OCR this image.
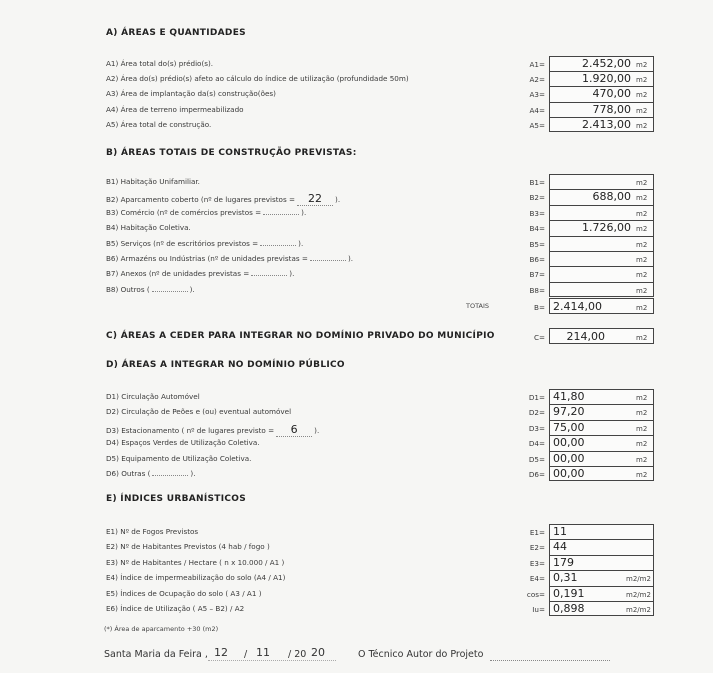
A) ÁREAS E QUANTIDADES
A1) Área total do(s) prédio(s).	A1=	2.452,00 m2
A2) Área do(s) prédio(s) afeto ao cálculo do índice de utilização (profundidade 50m)	A2=	1.920,00 m2
A3) Área de implantação da(s) construção(ões)	A3=	470,00 m2
A4) Área de terreno impermeabilizado	A4=	778,00 m2
A5) Área total de construção.	A5=	2.413,00 m2
B) ÁREAS TOTAIS DE CONSTRUÇÃO PREVISTAS:
B1) Habitação Unifamiliar.	B1=	m2
B2) Aparcamento coberto (nº de lugares previstos = 22 ).	B2=	688,00 m2
B3) Comércio (nº de comércios previstos =	).	B3=	m2
B4) Habitação Coletiva.	B4=	1.726,00 m2
B5) Serviços (nº de escritórios previstos =	).	B5=	m2
B6) Armazéns ou Indústrias (nº de unidades previstas =	).	B6=	m2
B7) Anexos (nº de unidades previstas =	).	B7=	m2
B8) Outros (	).	B8=	m2
TOTAIS	B= 2.414,00	m2
C) ÁREAS A CEDER PARA INTEGRAR NO DOMÍNIO PRIVADO DO MUNICÍPIO	C=	214,00	m2
D) ÁREAS A INTEGRAR NO DOMÍNIO PÚBLICO
D1) Circulação Automóvel	D1= 41,80	m2
D2) Circulação de Peões e (ou) eventual automóvel	D2= 97,20	m2
D3) Estacionamento ( nº de lugares previsto = 6 ).	D3= 75,00	m2
D4) Espaços Verdes de Utilização Coletiva.	D4= 00,00	m2
D5) Equipamento de Utilização Coletiva.	D5= 00,00	m2
D6) Outras (	).	D6= 00,00	m2
E) ÍNDICES URBANÍSTICOS
E1) Nº de Fogos Previstos	E1= 11
E2) Nº de Habitantes Previstos (4 hab / fogo )	E2= 44
E3) Nº de Habitantes / Hectare ( n x 10.000 / A1 )	E3= 179
E4) Índice de impermeabilização do solo (A4 / A1)	E4= 0,31	m2/m2
E5) Índices de Ocupação do solo ( A3 / A1 )	cos= 0,191	m2/m2
E6) Índice de Utilização ( A5 – B2) / A2	Iu= 0,898	m2/m2
(*) Área de aparcamento +30 (m2)
Santa Maria da Feira , 12 / 11 / 20 20	O Técnico Autor do Projeto
